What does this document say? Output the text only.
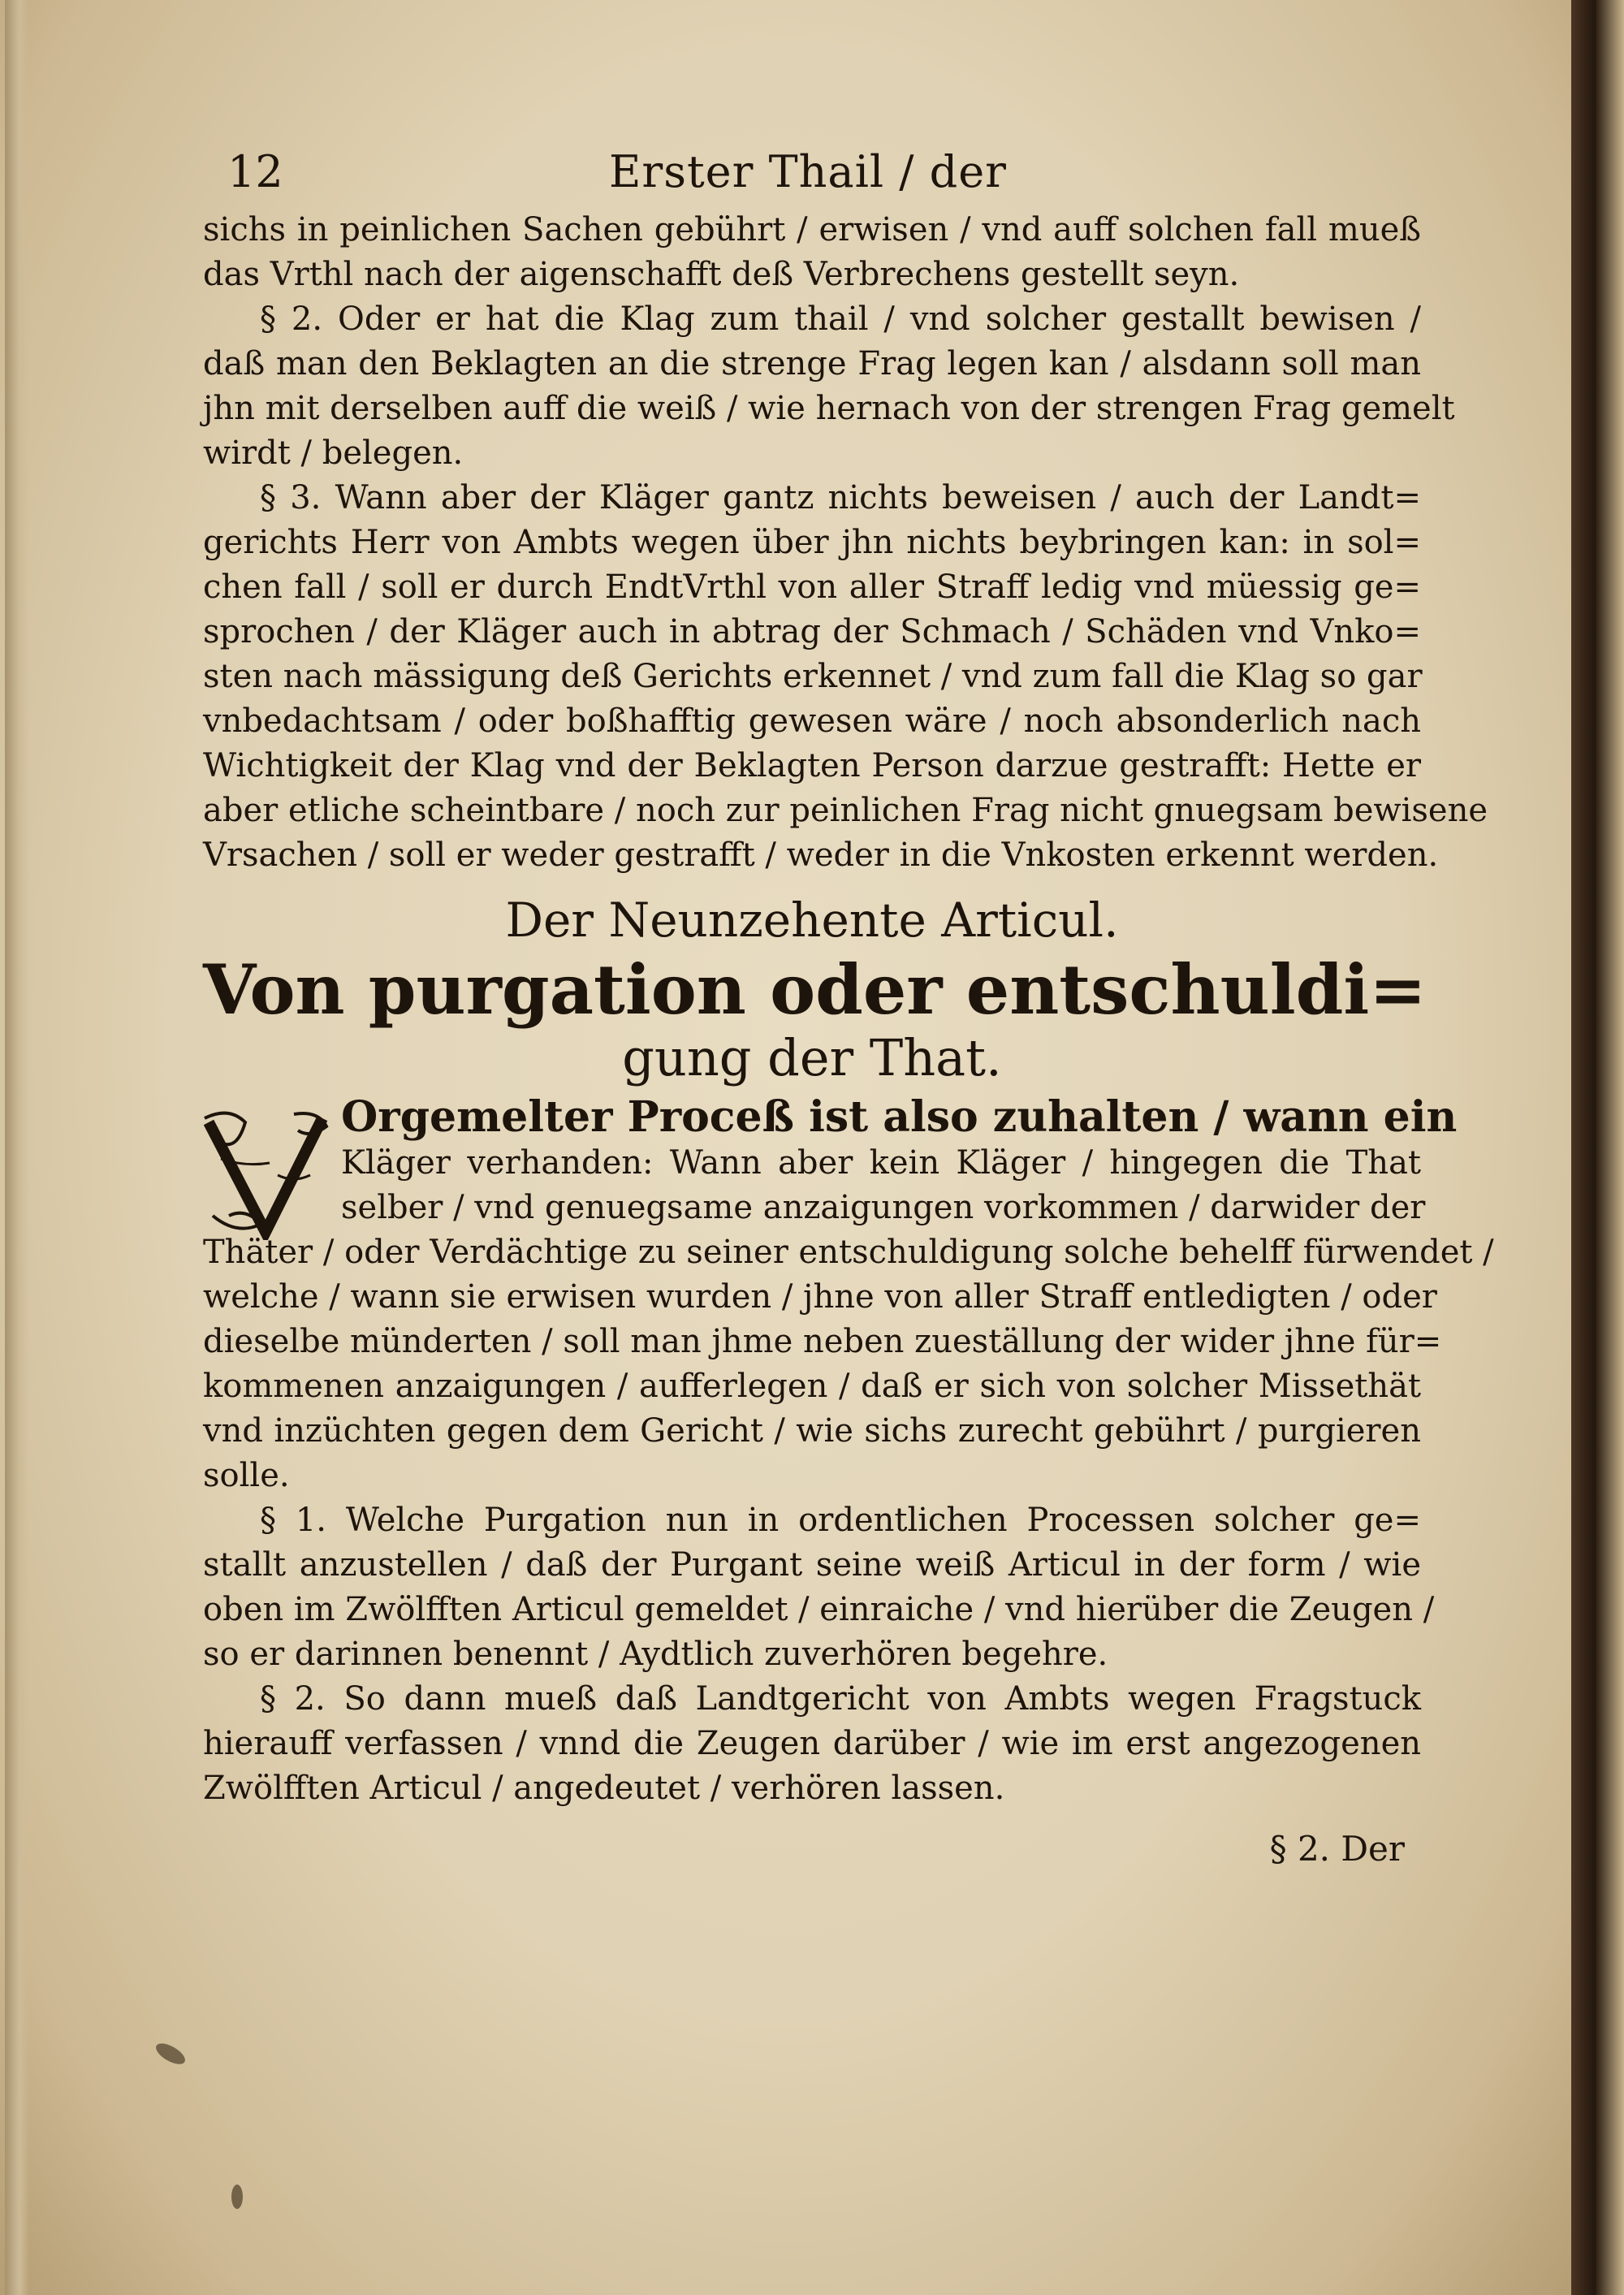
12	Erster Thail / der
sichs in peinlichen Sachen gebührt / erwisen / vnd auff solchen fall mueß
das Vrthl nach der aigenschafft deß Verbrechens gestellt seyn.
§ 2. Oder er hat die Klag zum thail / vnd solcher gestallt bewisen /
daß man den Beklagten an die strenge Frag legen kan / alsdann soll man
jhn mit derselben auff die weiß / wie hernach von der strengen Frag gemelt
wirdt / belegen.
§ 3. Wann aber der Kläger gantz nichts beweisen / auch der Landt=
gerichts Herr von Ambts wegen über jhn nichts beybringen kan: in sol=
chen fall / soll er durch EndtVrthl von aller Straff ledig vnd müessig ge=
sprochen / der Kläger auch in abtrag der Schmach / Schäden vnd Vnko=
sten nach mässigung deß Gerichts erkennet / vnd zum fall die Klag so gar
vnbedachtsam / oder boßhafftig gewesen wäre / noch absonderlich nach
Wichtigkeit der Klag vnd der Beklagten Person darzue gestrafft: Hette er
aber etliche scheintbare / noch zur peinlichen Frag nicht gnuegsam bewisene
Vrsachen / soll er weder gestrafft / weder in die Vnkosten erkennt werden.
Der Neunzehente Articul.
Von purgation oder entschuldi=
gung der That.
Orgemelter Proceß ist also zuhalten / wann ein
Kläger verhanden: Wann aber kein Kläger / hingegen die That
selber / vnd genuegsame anzaigungen vorkommen / darwider der
Thäter / oder Verdächtige zu seiner entschuldigung solche behelff fürwendet /
welche / wann sie erwisen wurden / jhne von aller Straff entledigten / oder
dieselbe münderten / soll man jhme neben zueställung der wider jhne für=
kommenen anzaigungen / aufferlegen / daß er sich von solcher Missethät
vnd inzüchten gegen dem Gericht / wie sichs zurecht gebührt / purgieren
solle.
§ 1. Welche Purgation nun in ordentlichen Processen solcher ge=
stallt anzustellen / daß der Purgant seine weiß Articul in der form / wie
oben im Zwölfften Articul gemeldet / einraiche / vnd hierüber die Zeugen /
so er darinnen benennt / Aydtlich zuverhören begehre.
§ 2. So dann mueß daß Landtgericht von Ambts wegen Fragstuck
hierauff verfassen / vnnd die Zeugen darüber / wie im erst angezogenen
Zwölfften Articul / angedeutet / verhören lassen.
§ 2. Der
